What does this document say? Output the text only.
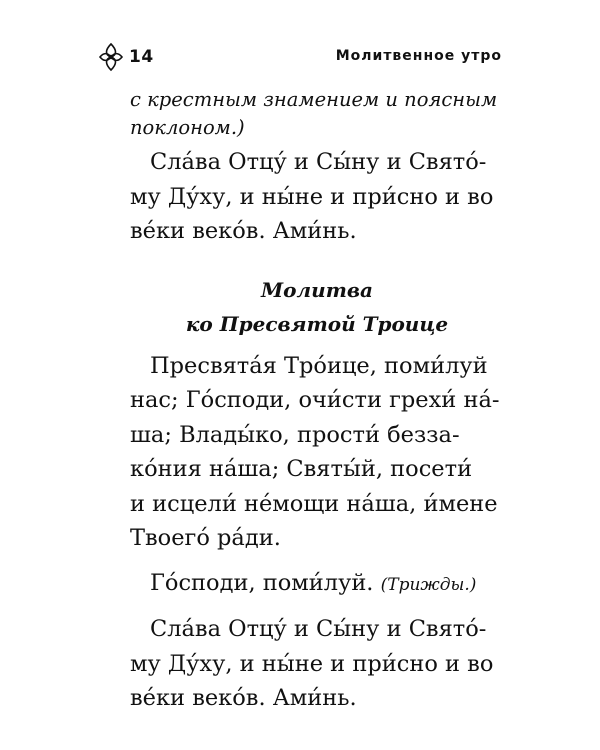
14	Молитвенное утро

с крестным знамением и поясным

поклоном.)

Сла́ва Отцу́ и Сы́ну и Свято́-

му Ду́ху, и ны́не и при́сно и во

ве́ки веко́в. Ами́нь.

Молитва

ко Пресвятой Троице

Пресвята́я Тро́ице, поми́луй

нас; Го́споди, очи́сти грехи́ на́-

ша; Влады́ко, прости́ безза-

ко́ния на́ша; Святы́й, посети́

и исцели́ не́мощи на́ша, и́мене

Твоего́ ра́ди.

Го́споди, поми́луй. (Трижды.)

Сла́ва Отцу́ и Сы́ну и Свято́-

му Ду́ху, и ны́не и при́сно и во

ве́ки веко́в. Ами́нь.
